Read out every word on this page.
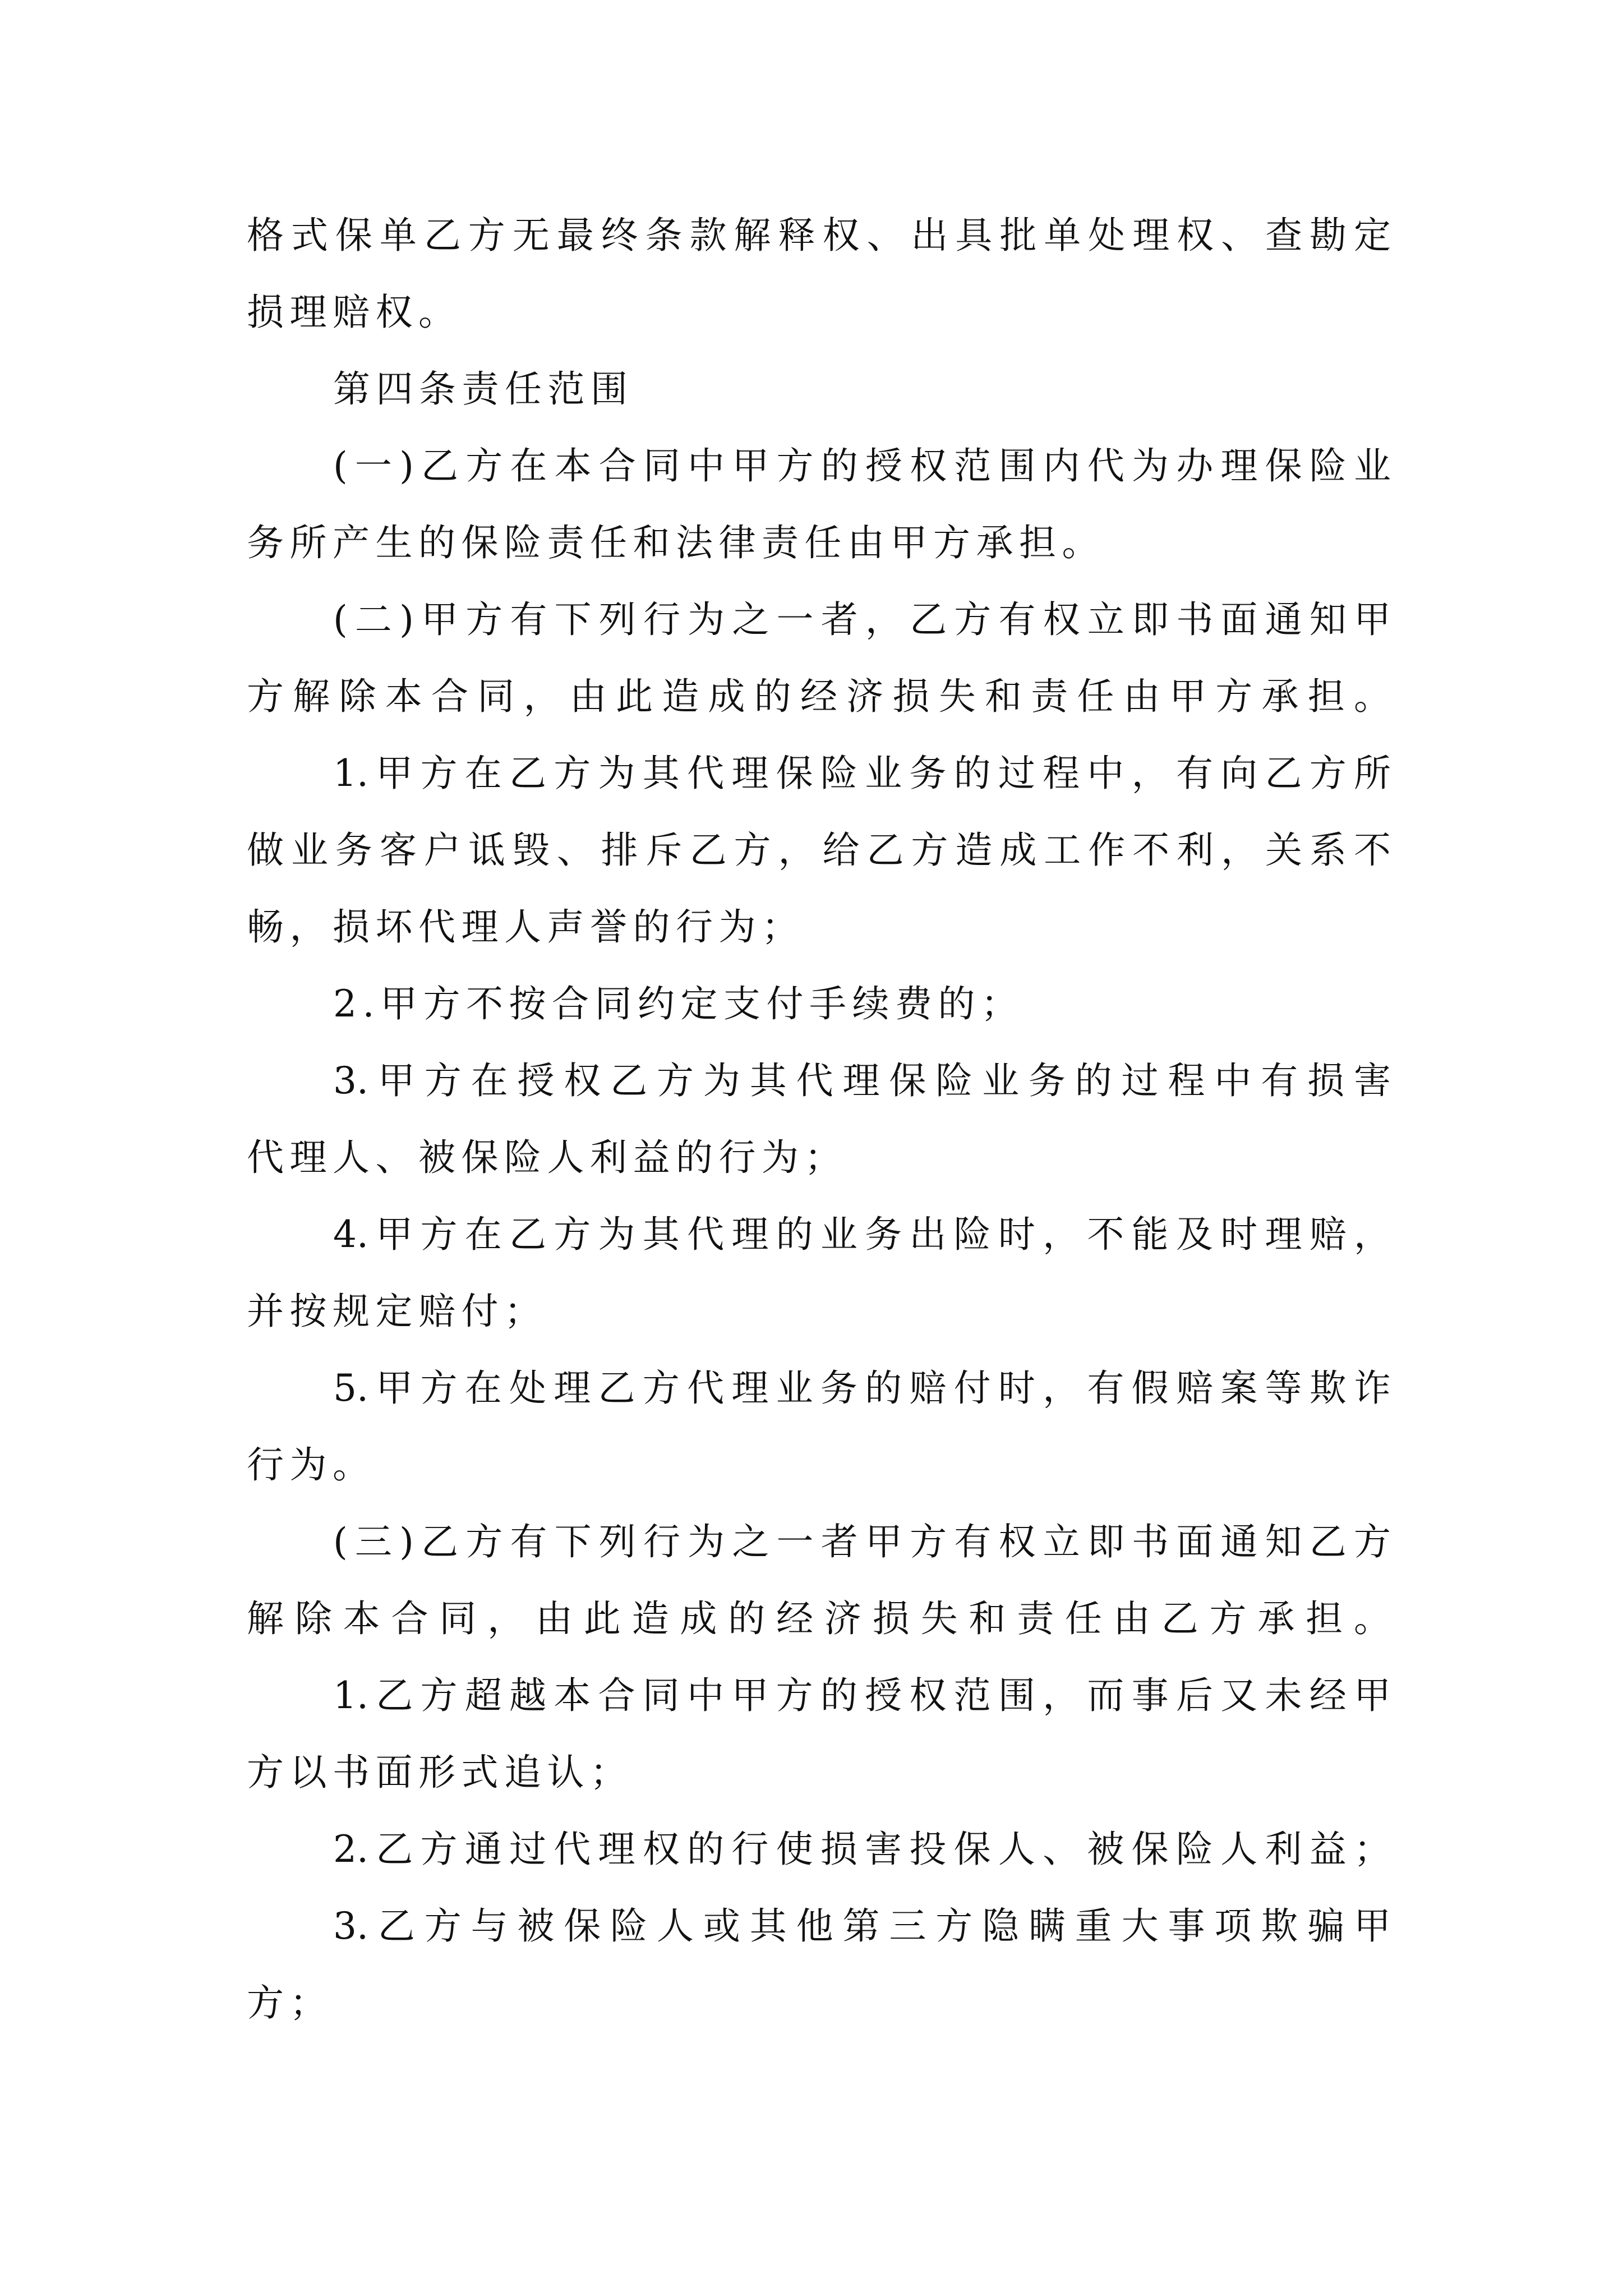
格式保单乙方无最终条款解释权、出具批单处理权、查勘定

损理赔权。

第四条责任范围

(一)乙方在本合同中甲方的授权范围内代为办理保险业

务所产生的保险责任和法律责任由甲方承担。

(二)甲方有下列行为之一者，乙方有权立即书面通知甲

方解除本合同，由此造成的经济损失和责任由甲方承担。

1.甲方在乙方为其代理保险业务的过程中，有向乙方所

做业务客户诋毁、排斥乙方，给乙方造成工作不利，关系不

畅，损坏代理人声誉的行为；

2.甲方不按合同约定支付手续费的；

3.甲方在授权乙方为其代理保险业务的过程中有损害

代理人、被保险人利益的行为；

4.甲方在乙方为其代理的业务出险时，不能及时理赔，

并按规定赔付；

5.甲方在处理乙方代理业务的赔付时，有假赔案等欺诈

行为。

(三)乙方有下列行为之一者甲方有权立即书面通知乙方

解除本合同，由此造成的经济损失和责任由乙方承担。

1.乙方超越本合同中甲方的授权范围，而事后又未经甲

方以书面形式追认；

2.乙方通过代理权的行使损害投保人、被保险人利益；

3.乙方与被保险人或其他第三方隐瞒重大事项欺骗甲

方；
